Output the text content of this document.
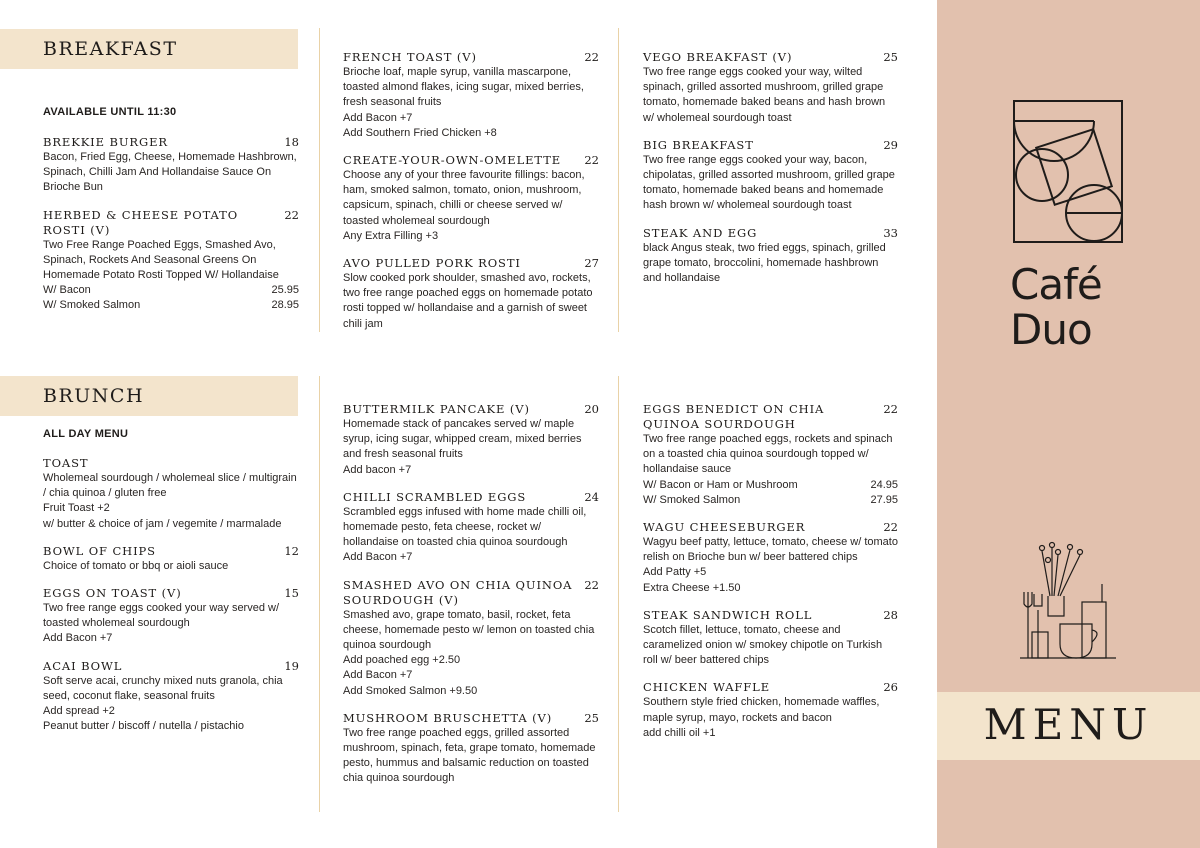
BREAKFAST
AVAILABLE UNTIL 11:30
BREKKIE BURGER	18
Bacon, Fried Egg, Cheese, Homemade Hashbrown, Spinach, Chilli Jam And Hollandaise Sauce On Brioche Bun
HERBED & CHEESE POTATO ROSTI (V)
22
Two Free Range Poached Eggs, Smashed Avo, Spinach, Rockets And Seasonal Greens On Homemade Potato Rosti Topped W/ Hollandaise
W/ Bacon	25.95
W/ Smoked Salmon	28.95
FRENCH TOAST (V)	22
Brioche loaf, maple syrup, vanilla mascarpone, toasted almond flakes, icing sugar, mixed berries, fresh seasonal fruits
Add Bacon +7
Add Southern Fried Chicken +8
CREATE-YOUR-OWN-OMELETTE	22
Choose any of your three favourite fillings: bacon, ham, smoked salmon, tomato, onion, mushroom, capsicum, spinach, chilli or cheese served w/ toasted wholemeal sourdough
Any Extra Filling +3
AVO PULLED PORK ROSTI	27
Slow cooked pork shoulder, smashed avo, rockets, two free range poached eggs on homemade potato rosti topped w/ hollandaise and a garnish of sweet chili jam
VEGO BREAKFAST (V)	25
Two free range eggs cooked your way, wilted spinach, grilled assorted mushroom, grilled grape tomato, homemade baked beans and hash brown w/ wholemeal sourdough toast
BIG BREAKFAST	29
Two free range eggs cooked your way, bacon, chipolatas, grilled assorted mushroom, grilled grape tomato, homemade baked beans and homemade hash brown w/ wholemeal sourdough toast
STEAK AND EGG	33
black Angus steak, two fried eggs, spinach, grilled grape tomato, broccolini, homemade hashbrown and hollandaise
BRUNCH
ALL DAY MENU
TOAST
Wholemeal sourdough / wholemeal slice / multigrain / chia quinoa / gluten free
Fruit Toast +2
w/ butter & choice of jam / vegemite / marmalade
BOWL OF CHIPS	12
Choice of tomato or bbq or aioli sauce
EGGS ON TOAST (V)	15
Two free range eggs cooked your way served w/ toasted wholemeal sourdough
Add Bacon +7
ACAI BOWL	19
Soft serve acai, crunchy mixed nuts granola, chia seed, coconut flake, seasonal fruits
Add spread +2
Peanut butter / biscoff / nutella / pistachio
BUTTERMILK PANCAKE (V)	20
Homemade stack of pancakes served w/ maple syrup, icing sugar, whipped cream, mixed berries and fresh seasonal fruits
Add bacon +7
CHILLI SCRAMBLED EGGS	24
Scrambled eggs infused with home made chilli oil, homemade pesto, feta cheese, rocket w/ hollandaise on toasted chia quinoa sourdough
Add Bacon +7
SMASHED AVO ON CHIA QUINOA SOURDOUGH (V)
22
Smashed avo, grape tomato, basil, rocket, feta cheese, homemade pesto w/ lemon on toasted chia quinoa sourdough
Add poached egg +2.50
Add Bacon +7
Add Smoked Salmon +9.50
MUSHROOM BRUSCHETTA (V)	25
Two free range poached eggs, grilled assorted mushroom, spinach, feta, grape tomato, homemade pesto, hummus and balsamic reduction on toasted chia quinoa sourdough
EGGS BENEDICT ON CHIA QUINOA SOURDOUGH
22
Two free range poached eggs, rockets and spinach on a toasted chia quinoa sourdough topped w/ hollandaise sauce
W/ Bacon or Ham or Mushroom	24.95
W/ Smoked Salmon	27.95
WAGU CHEESEBURGER	22
Wagyu beef patty, lettuce, tomato, cheese w/ tomato relish on Brioche bun w/ beer battered chips
Add Patty +5
Extra Cheese +1.50
STEAK SANDWICH ROLL	28
Scotch fillet, lettuce, tomato, cheese and caramelized onion w/ smokey chipotle on Turkish roll w/ beer battered chips
CHICKEN WAFFLE	26
Southern style fried chicken, homemade waffles, maple syrup, mayo, rockets and bacon
add chilli oil +1
Café
Duo
MENU
